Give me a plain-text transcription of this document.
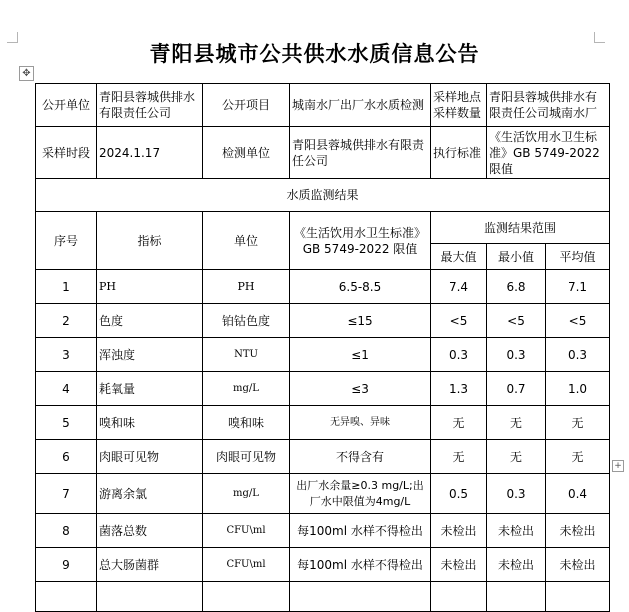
青阳县城市公共供水水质信息公告
✥
公开单位	青阳县蓉城供排水有限责任公司	公开项目	城南水厂出厂水水质检测	采样地点采样数量	青阳县蓉城供排水有限责任公司城南水厂	
采样时段	2024.1.17	检测单位	青阳县蓉城供排水有限责任公司	执行标准	《生活饮用水卫生标准》GB 5749-2022 限值	
水质监测结果						
序号	指标	单位	《生活饮用水卫生标准》GB 5749-2022 限值	监测结果范围		
				最大值	最小值	平均值
1	PH	PH	6.5-8.5	7.4	6.8	7.1
2	色度	铂钴色度	≤15	<5	<5	<5
3	浑浊度	NTU	≤1	0.3	0.3	0.3
4	耗氧量	mg/L	≤3	1.3	0.7	1.0
5	嗅和味	嗅和味	无异嗅、异味	无	无	无
6	肉眼可见物	肉眼可见物	不得含有	无	无	无
7	游离余氯	mg/L	出厂水余量≥0.3 mg/L;出厂水中限值为4mg/L	0.5	0.3	0.4
8	菌落总数	CFU\ml	每100ml 水样不得检出	未检出	未检出	未检出
9	总大肠菌群	CFU\ml	每100ml 水样不得检出	未检出	未检出	未检出

+
